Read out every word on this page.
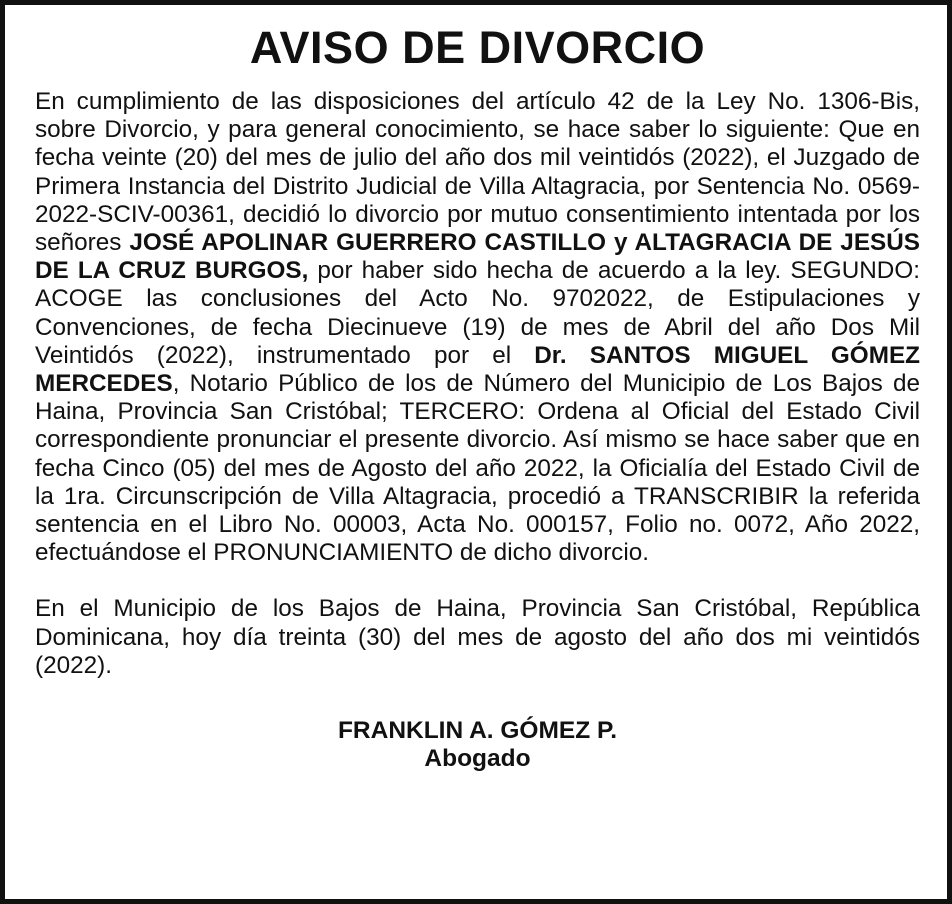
AVISO DE DIVORCIO

En cumplimiento de las disposiciones del artículo 42 de la Ley No. 1306-Bis, sobre Divorcio, y para general conocimiento, se hace saber lo siguiente: Que en fecha veinte (20) del mes de julio del año dos mil veintidós (2022), el Juzgado de Primera Instancia del Distrito Judicial de Villa Altagracia, por Sentencia No. 0569-2022-SCIV-00361, decidió lo divorcio por mutuo consentimiento intentada por los señores JOSÉ APOLINAR GUERRERO CASTILLO y ALTAGRACIA DE JESÚS DE LA CRUZ BURGOS, por haber sido hecha de acuerdo a la ley. SEGUNDO: ACOGE las conclusiones del Acto No. 9702022, de Estipulaciones y Convenciones, de fecha Diecinueve (19) de mes de Abril del año Dos Mil Veintidós (2022), instrumentado por el Dr. SANTOS MIGUEL GÓMEZ MERCEDES, Notario Público de los de Número del Municipio de Los Bajos de Haina, Provincia San Cristóbal; TERCERO: Ordena al Oficial del Estado Civil correspondiente pronunciar el presente divorcio. Así mismo se hace saber que en fecha Cinco (05) del mes de Agosto del año 2022, la Oficialía del Estado Civil de la 1ra. Circunscripción de Villa Altagracia, procedió a TRANSCRIBIR la referida sentencia en el Libro No. 00003, Acta No. 000157, Folio no. 0072, Año 2022, efectuándose el PRONUNCIAMIENTO de dicho divorcio.

En el Municipio de los Bajos de Haina, Provincia San Cristóbal, República Dominicana, hoy día treinta (30) del mes de agosto del año dos mi veintidós (2022).

FRANKLIN A. GÓMEZ P.
Abogado
